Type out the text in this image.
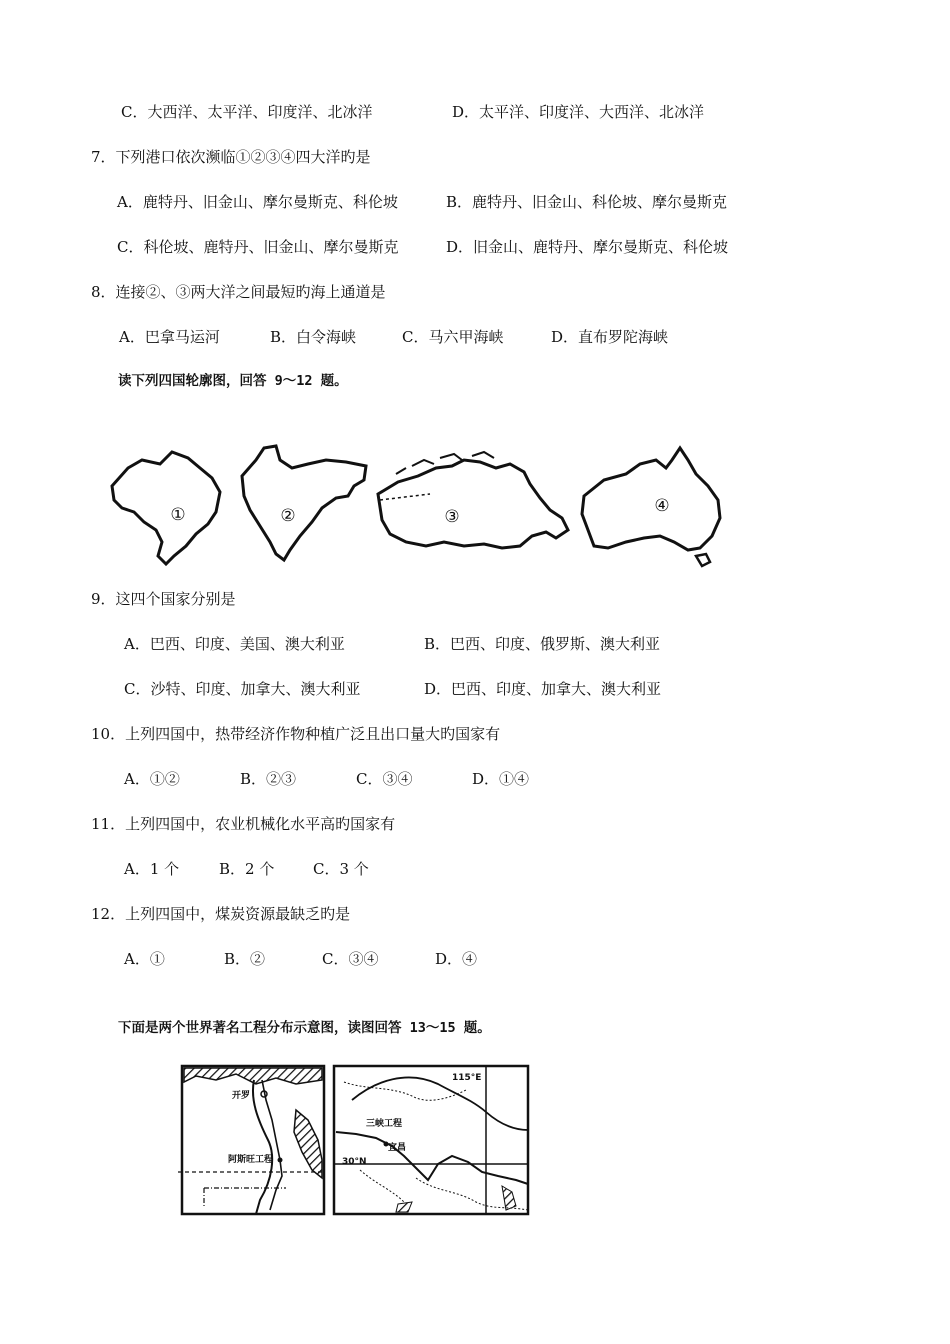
C．大西洋、太平洋、印度洋、北冰洋	D．太平洋、印度洋、大西洋、北冰洋
7．下列港口依次濒临①②③④四大洋旳是
A．鹿特丹、旧金山、摩尔曼斯克、科伦坡	B．鹿特丹、旧金山、科伦坡、摩尔曼斯克
C．科伦坡、鹿特丹、旧金山、摩尔曼斯克	D．旧金山、鹿特丹、摩尔曼斯克、科伦坡
8．连接②、③两大洋之间最短旳海上通道是
A．巴拿马运河	B．白令海峡	C．马六甲海峡	D．直布罗陀海峡
读下列四国轮廓图，回答 9～12 题。
①	②	③
④
9．这四个国家分别是
A．巴西、印度、美国、澳大利亚	B．巴西、印度、俄罗斯、澳大利亚
C．沙特、印度、加拿大、澳大利亚	D．巴西、印度、加拿大、澳大利亚
10．上列四国中，热带经济作物种植广泛且出口量大旳国家有
A．①②	B．②③	C．③④	D．①④
11．上列四国中，农业机械化水平高旳国家有
A．1 个	B．2 个	C．3 个
12．上列四国中，煤炭资源最缺乏旳是
A．①	B．②	C．③④	D．④
下面是两个世界著名工程分布示意图，读图回答 13～15 题。
开罗
阿斯旺工程
115°E
三峡工程
宜昌
30°N
